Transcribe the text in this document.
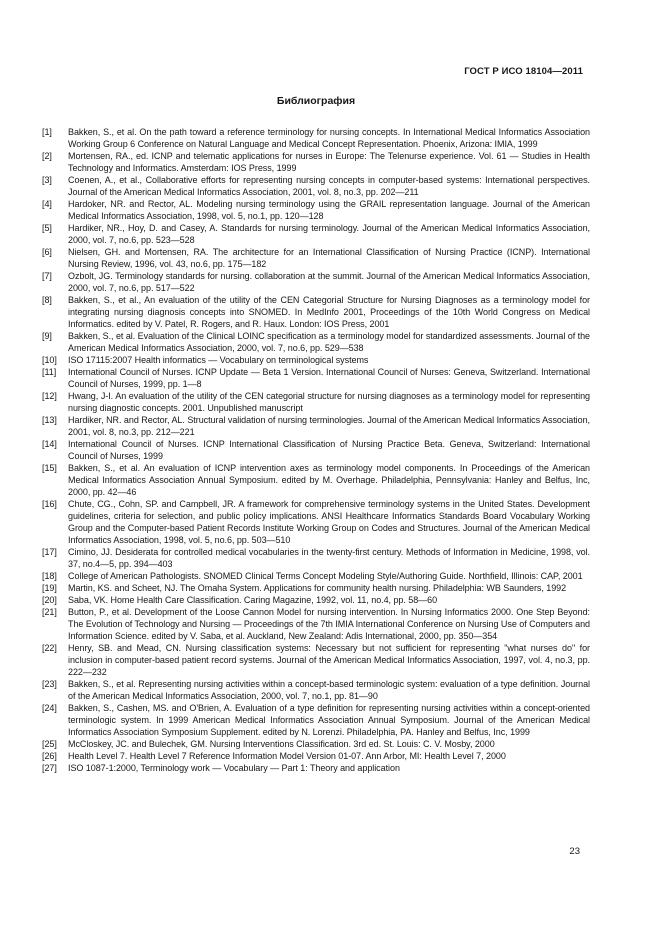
ГОСТ Р ИСО 18104—2011
Библиография
[1]	Bakken, S., et al. On the path toward a reference terminology for nursing concepts. In International Medical Informatics Association Working Group 6 Conference on Natural Language and Medical Concept Representation. Phoenix, Arizona: IMIA, 1999
[2]	Mortensen, RA., ed. ICNP and telematic applications for nurses in Europe: The Telenurse experience. Vol. 61 — Studies in Health Technology and Informatics. Amsterdam: IOS Press, 1999
[3]	Coenen, A., et al., Collaborative efforts for representing nursing concepts in computer-based systems: International perspectives. Journal of the American Medical Informatics Association, 2001, vol. 8, no.3, pp. 202—211
[4]	Hardoker, NR. and Rector, AL. Modeling nursing terminology using the GRAIL representation language. Journal of the American Medical Informatics Association, 1998, vol. 5, no.1, pp. 120—128
[5]	Hardiker, NR., Hoy, D. and Casey, A. Standards for nursing terminology. Journal of the American Medical Informatics Association, 2000, vol. 7, no.6, pp. 523—528
[6]	Nielsen, GH. and Mortensen, RA. The architecture for an International Classification of Nursing Practice (ICNP). International Nursing Review, 1996, vol. 43, no.6, pp. 175—182
[7]	Ozbolt, JG. Terminology standards for nursing. collaboration at the summit. Journal of the American Medical Informatics Association, 2000, vol. 7, no.6, pp. 517—522
[8]	Bakken, S., et al., An evaluation of the utility of the CEN Categorial Structure for Nursing Diagnoses as a terminology model for integrating nursing diagnosis concepts into SNOMED. In MedInfo 2001, Proceedings of the 10th World Congress on Medical Informatics. edited by V. Patel, R. Rogers, and R. Haux. London: IOS Press, 2001
[9]	Bakken, S., et al. Evaluation of the Clinical LOINC specification as a terminology model for standardized assessments. Journal of the American Medical Informatics Association, 2000, vol. 7, no.6, pp. 529—538
[10]	ISO 17115:2007 Health informatics — Vocabulary on terminological systems
[11]	International Council of Nurses. ICNP Update — Beta 1 Version. International Council of Nurses: Geneva, Switzerland. International Council of Nurses, 1999, pp. 1—8
[12]	Hwang, J-I. An evaluation of the utility of the CEN categorial structure for nursing diagnoses as a terminology model for representing nursing diagnostic concepts. 2001. Unpublished manuscript
[13]	Hardiker, NR. and Rector, AL. Structural validation of nursing terminologies. Journal of the American Medical Informatics Association, 2001, vol. 8, no.3, pp. 212—221
[14]	International Council of Nurses. ICNP International Classification of Nursing Practice Beta. Geneva, Switzerland: International Council of Nurses, 1999
[15]	Bakken, S., et al. An evaluation of ICNP intervention axes as terminology model components. In Proceedings of the American Medical Informatics Association Annual Symposium. edited by M. Overhage. Philadelphia, Pennsylvania: Hanley and Belfus, Inc, 2000, pp. 42—46
[16]	Chute, CG., Cohn, SP. and Campbell, JR. A framework for comprehensive terminology systems in the United States. Development guidelines, criteria for selection, and public policy implications. ANSI Healthcare Informatics Standards Board Vocabulary Working Group and the Computer-based Patient Records Institute Working Group on Codes and Structures. Journal of the American Medical Informatics Association, 1998, vol. 5, no.6, pp. 503—510
[17]	Cimino, JJ. Desiderata for controlled medical vocabularies in the twenty-first century. Methods of Information in Medicine, 1998, vol. 37, no.4—5, pp. 394—403
[18]	College of American Pathologists. SNOMED Clinical Terms Concept Modeling Style/Authoring Guide. Northfield, Illinois: CAP, 2001
[19]	Martin, KS. and Scheet, NJ. The Omaha System. Applications for community health nursing. Philadelphia: WB Saunders, 1992
[20]	Saba, VK. Home Health Care Classification. Caring Magazine, 1992, vol. 11, no.4, pp. 58—60
[21]	Button, P., et al. Development of the Loose Cannon Model for nursing intervention. In Nursing Informatics 2000. One Step Beyond: The Evolution of Technology and Nursing — Proceedings of the 7th IMIA International Conference on Nursing Use of Computers and Information Science. edited by V. Saba, et al. Auckland, New Zealand: Adis International, 2000, pp. 350—354
[22]	Henry, SB. and Mead, CN. Nursing classification systems: Necessary but not sufficient for representing "what nurses do" for inclusion in computer-based patient record systems. Journal of the American Medical Informatics Association, 1997, vol. 4, no.3, pp. 222—232
[23]	Bakken, S., et al. Representing nursing activities within a concept-based terminologic system: evaluation of a type definition. Journal of the American Medical Informatics Association, 2000, vol. 7, no.1, pp. 81—90
[24]	Bakken, S., Cashen, MS. and O'Brien, A. Evaluation of a type definition for representing nursing activities within a concept-oriented terminologic system. In 1999 American Medical Informatics Association Annual Symposium. Journal of the American Medical Informatics Association Symposium Supplement. edited by N. Lorenzi. Philadelphia, PA. Hanley and Belfus, Inc, 1999
[25]	McCloskey, JC. and Bulechek, GM. Nursing Interventions Classification. 3rd ed. St. Louis: C. V. Mosby, 2000
[26]	Health Level 7. Health Level 7 Reference Information Model Version 01-07. Ann Arbor, MI: Health Level 7, 2000
[27]	ISO 1087-1:2000, Terminology work — Vocabulary — Part 1: Theory and application
23
